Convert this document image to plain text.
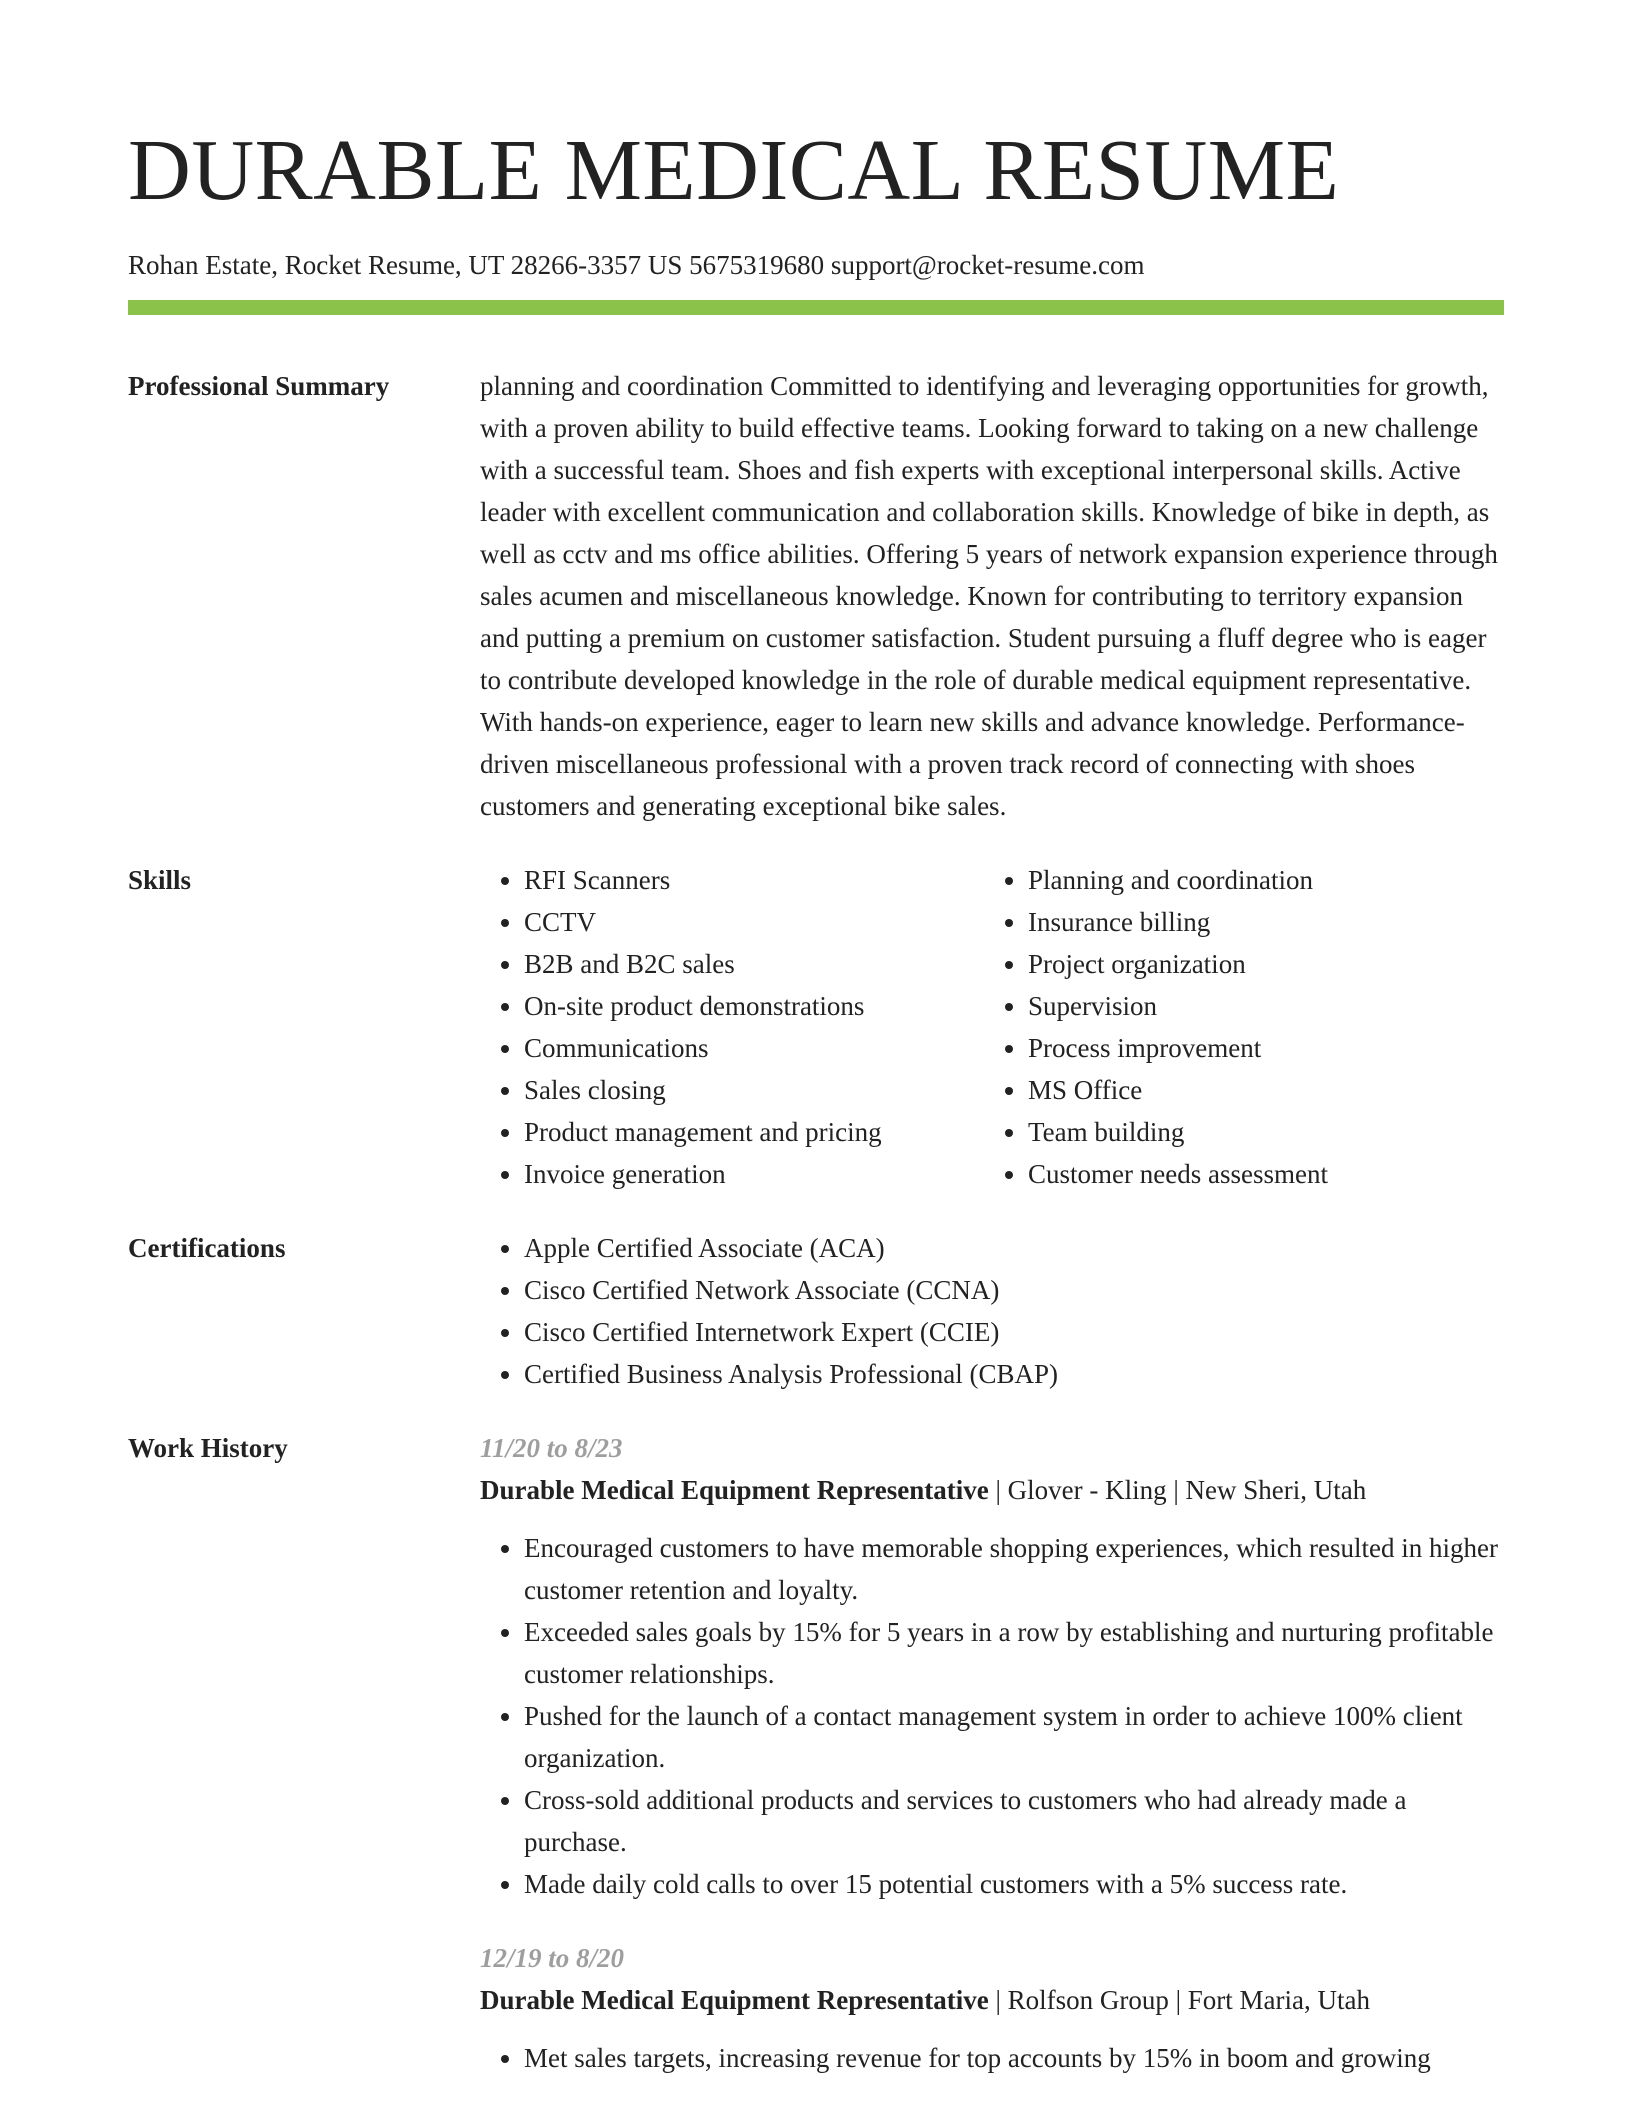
DURABLE MEDICAL RESUME
Rohan Estate, Rocket Resume, UT 28266-3357 US 5675319680 support@rocket-resume.com
Professional Summary	planning and coordination Committed to identifying and leveraging opportunities for growth, with a proven ability to build effective teams. Looking forward to taking on a new challenge with a successful team. Shoes and fish experts with exceptional interpersonal skills. Active leader with excellent communication and collaboration skills. Knowledge of bike in depth, as well as cctv and ms office abilities. Offering 5 years of network expansion experience through sales acumen and miscellaneous knowledge. Known for contributing to territory expansion and putting a premium on customer satisfaction. Student pursuing a fluff degree who is eager to contribute developed knowledge in the role of durable medical equipment representative. With hands-on experience, eager to learn new skills and advance knowledge. Performance-driven miscellaneous professional with a proven track record of connecting with shoes customers and generating exceptional bike sales.

Skills	• RFI Scanners
• CCTV
• B2B and B2C sales
• On-site product demonstrations
• Communications
• Sales closing
• Product management and pricing
• Invoice generation
• Planning and coordination
• Insurance billing
• Project organization
• Supervision
• Process improvement
• MS Office
• Team building
• Customer needs assessment
Certifications	• Apple Certified Associate (ACA)
• Cisco Certified Network Associate (CCNA)
• Cisco Certified Internetwork Expert (CCIE)
• Certified Business Analysis Professional (CBAP)
Work History	11/20 to 8/23
Durable Medical Equipment Representative | Glover - Kling | New Sheri, Utah
• Encouraged customers to have memorable shopping experiences, which resulted in higher customer retention and loyalty.
• Exceeded sales goals by 15% for 5 years in a row by establishing and nurturing profitable customer relationships.
• Pushed for the launch of a contact management system in order to achieve 100% client organization.
• Cross-sold additional products and services to customers who had already made a purchase.
• Made daily cold calls to over 15 potential customers with a 5% success rate.
12/19 to 8/20
Durable Medical Equipment Representative | Rolfson Group | Fort Maria, Utah
• Met sales targets, increasing revenue for top accounts by 15% in boom and growing
